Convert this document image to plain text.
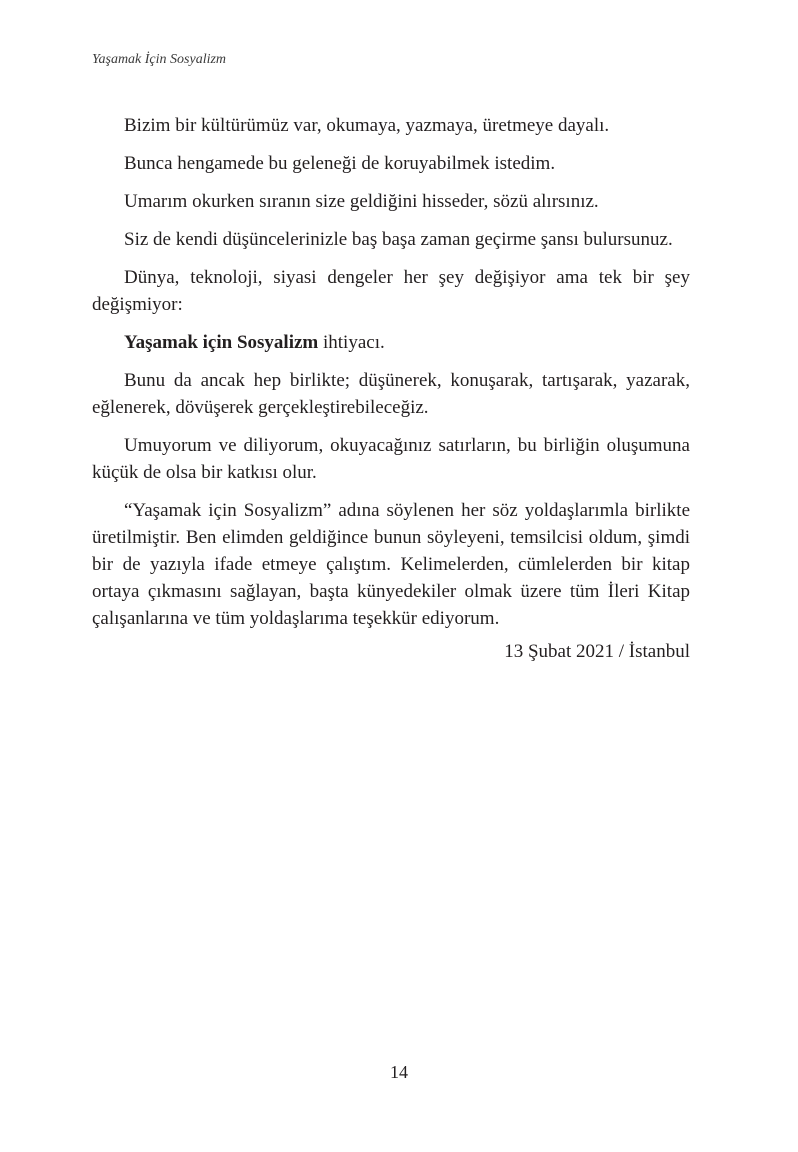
Yaşamak İçin Sosyalizm

Bizim bir kültürümüz var, okumaya, yazmaya, üretmeye dayalı.

Bunca hengamede bu geleneği de koruyabilmek istedim.

Umarım okurken sıranın size geldiğini hisseder, sözü alırsınız.

Siz de kendi düşüncelerinizle baş başa zaman geçirme şansı bulursunuz.

Dünya, teknoloji, siyasi dengeler her şey değişiyor ama tek bir şey değişmiyor:

Yaşamak için Sosyalizm ihtiyacı.

Bunu da ancak hep birlikte; düşünerek, konuşarak, tartışarak, yazarak, eğlenerek, dövüşerek gerçekleştirebileceğiz.

Umuyorum ve diliyorum, okuyacağınız satırların, bu birliğin oluşumuna küçük de olsa bir katkısı olur.

“Yaşamak için Sosyalizm” adına söylenen her söz yoldaşlarımla birlikte üretilmiştir. Ben elimden geldiğince bunun söyleyeni, temsilcisi oldum, şimdi bir de yazıyla ifade etmeye çalıştım. Kelimelerden, cümlelerden bir kitap ortaya çıkmasını sağlayan, başta künyedekiler olmak üzere tüm İleri Kitap çalışanlarına ve tüm yoldaşlarıma teşekkür ediyorum.

13 Şubat 2021 / İstanbul

14
